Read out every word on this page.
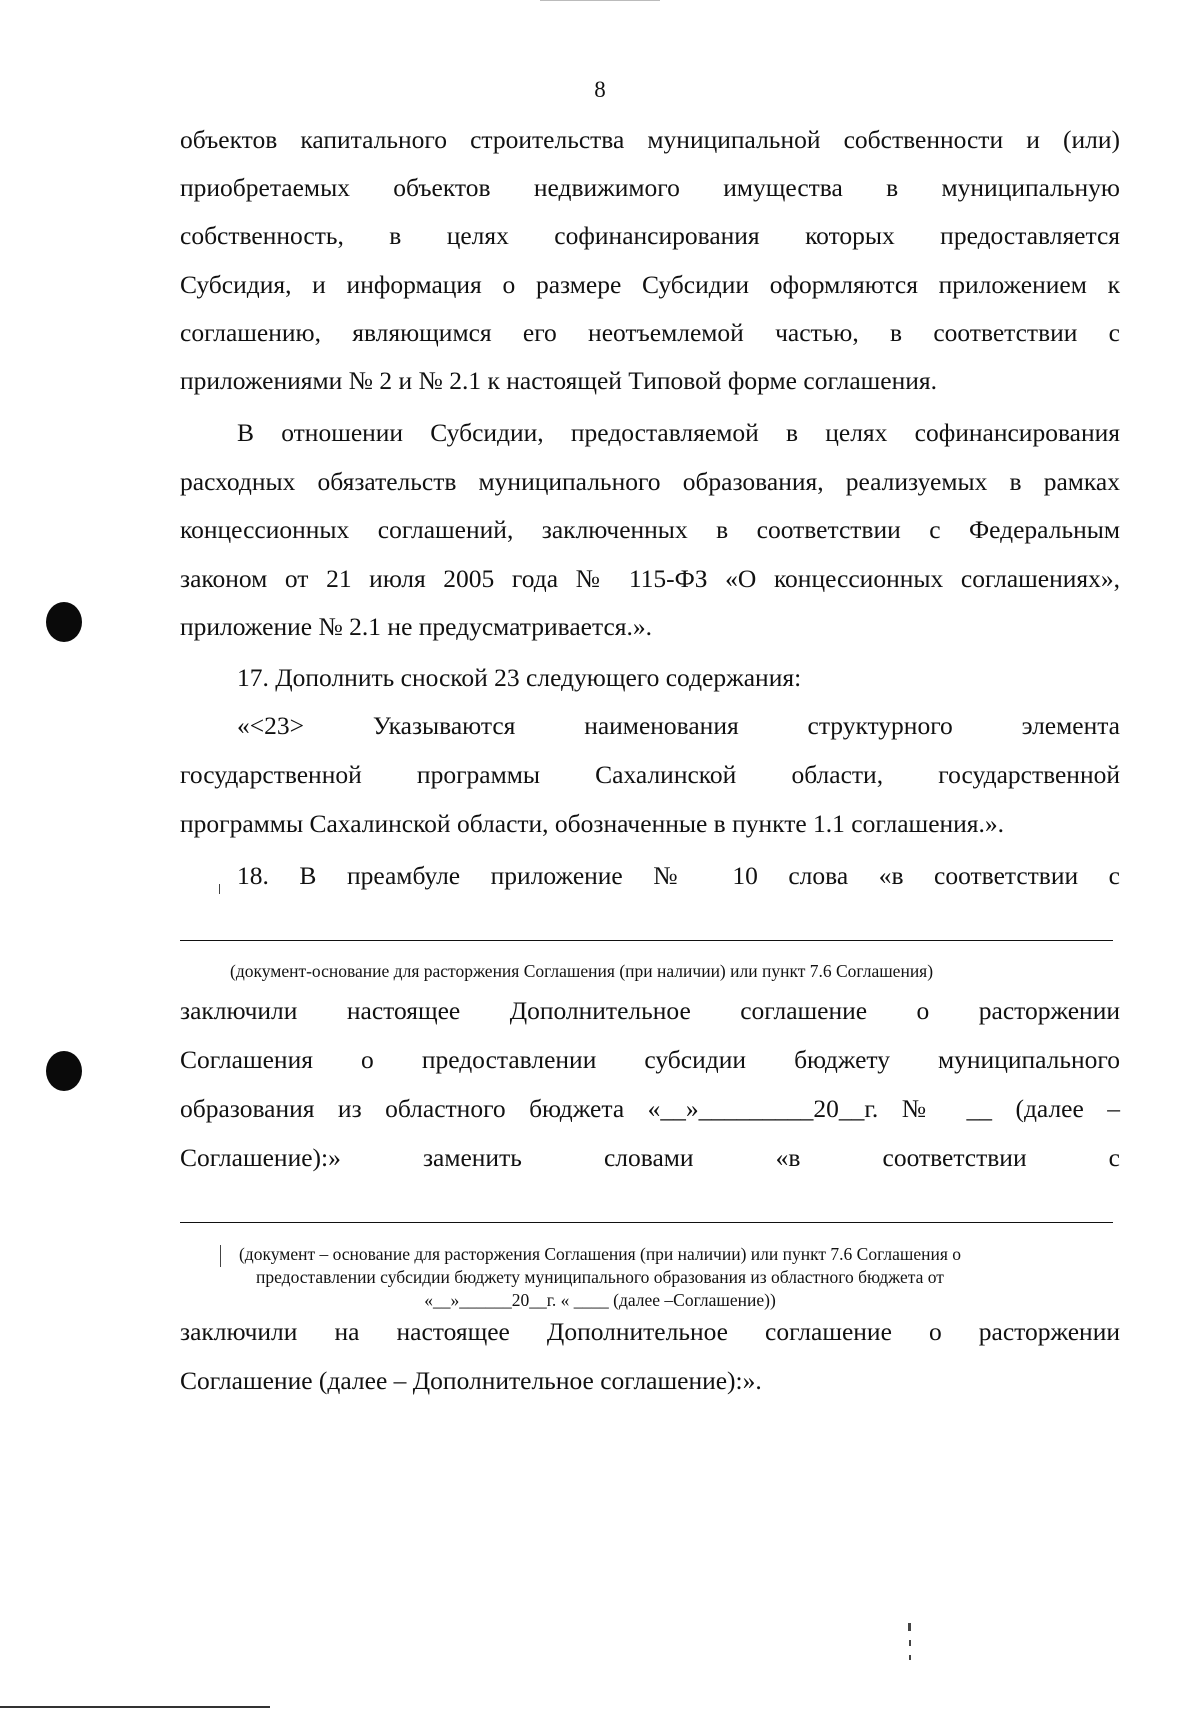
8
объектов капитального строительства муниципальной собственности и (или)
приобретаемых объектов недвижимого имущества в муниципальную
собственность, в целях софинансирования которых предоставляется
Субсидия, и информация о размере Субсидии оформляются приложением к
соглашению, являющимся его неотъемлемой частью, в соответствии с
приложениями № 2 и № 2.1 к настоящей Типовой форме соглашения.
В отношении Субсидии, предоставляемой в целях софинансирования
расходных обязательств муниципального образования, реализуемых в рамках
концессионных соглашений, заключенных в соответствии с Федеральным
законом от 21 июля 2005 года № 115-ФЗ «О концессионных соглашениях»,
приложение № 2.1 не предусматривается.».
17. Дополнить сноской 23 следующего содержания:
«<23> Указываются наименования структурного элемента
государственной программы Сахалинской области, государственной
программы Сахалинской области, обозначенные в пункте 1.1 соглашения.».
18. В преамбуле приложение № 10 слова «в соответствии с
(документ-основание для расторжения Соглашения (при наличии) или пункт 7.6 Соглашения)
заключили настоящее Дополнительное соглашение о расторжении
Соглашения о предоставлении субсидии бюджету муниципального
образования из областного бюджета «__»_________20__г. № __ (далее –
Соглашение):» заменить словами «в соответствии с
(документ – основание для расторжения Соглашения (при наличии) или пункт 7.6 Соглашения о
предоставлении субсидии бюджету муниципального образования из областного бюджета от
«__»______20__г. « ____ (далее –Соглашение))
заключили на настоящее Дополнительное соглашение о расторжении
Соглашение (далее – Дополнительное соглашение):».
